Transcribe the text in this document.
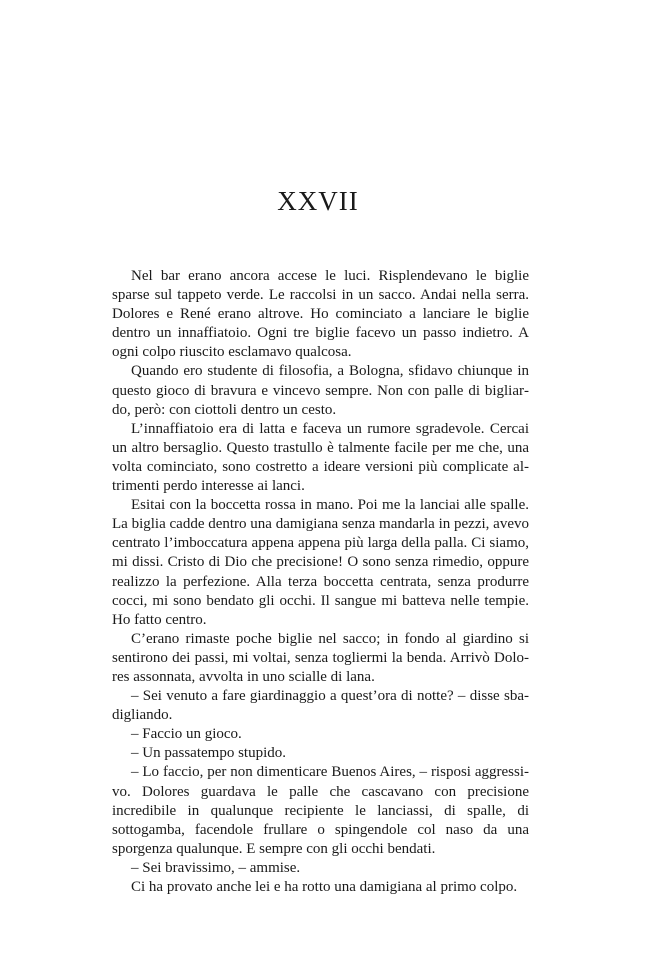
XXVII

Nel bar erano ancora accese le luci. Risplendevano le biglie sparse sul tappeto verde. Le raccolsi in un sacco. Andai nella serra. Dolores e René erano altrove. Ho cominciato a lanciare le biglie dentro un innaffiatoio. Ogni tre biglie facevo un passo indietro. A ogni colpo riuscito esclamavo qualcosa.

Quando ero studente di filosofia, a Bologna, sfidavo chiunque in questo gioco di bravura e vincevo sempre. Non con palle di bigliardo, però: con ciottoli dentro un cesto.

L’innaffiatoio era di latta e faceva un rumore sgradevole. Cercai un altro bersaglio. Questo trastullo è talmente facile per me che, una volta cominciato, sono costretto a ideare versioni più complicate altrimenti perdo interesse ai lanci.

Esitai con la boccetta rossa in mano. Poi me la lanciai alle spalle. La biglia cadde dentro una damigiana senza mandarla in pezzi, avevo centrato l’imboccatura appena appena più larga della palla. Ci siamo, mi dissi. Cristo di Dio che precisione! O sono senza rimedio, oppure realizzo la perfezione. Alla terza boccetta centrata, senza produrre cocci, mi sono bendato gli occhi. Il sangue mi batteva nelle tempie. Ho fatto centro.

C’erano rimaste poche biglie nel sacco; in fondo al giardino si sentirono dei passi, mi voltai, senza togliermi la benda. Arrivò Dolores assonnata, avvolta in uno scialle di lana.

– Sei venuto a fare giardinaggio a quest’ora di notte? – disse sbadigliando.

– Faccio un gioco.

– Un passatempo stupido.

– Lo faccio, per non dimenticare Buenos Aires, – risposi aggressivo. Dolores guardava le palle che cascavano con precisione incredibile in qualunque recipiente le lanciassi, di spalle, di sottogamba, facendole frullare o spingendole col naso da una sporgenza qualunque. E sempre con gli occhi bendati.

– Sei bravissimo, – ammise.

Ci ha provato anche lei e ha rotto una damigiana al primo colpo.
